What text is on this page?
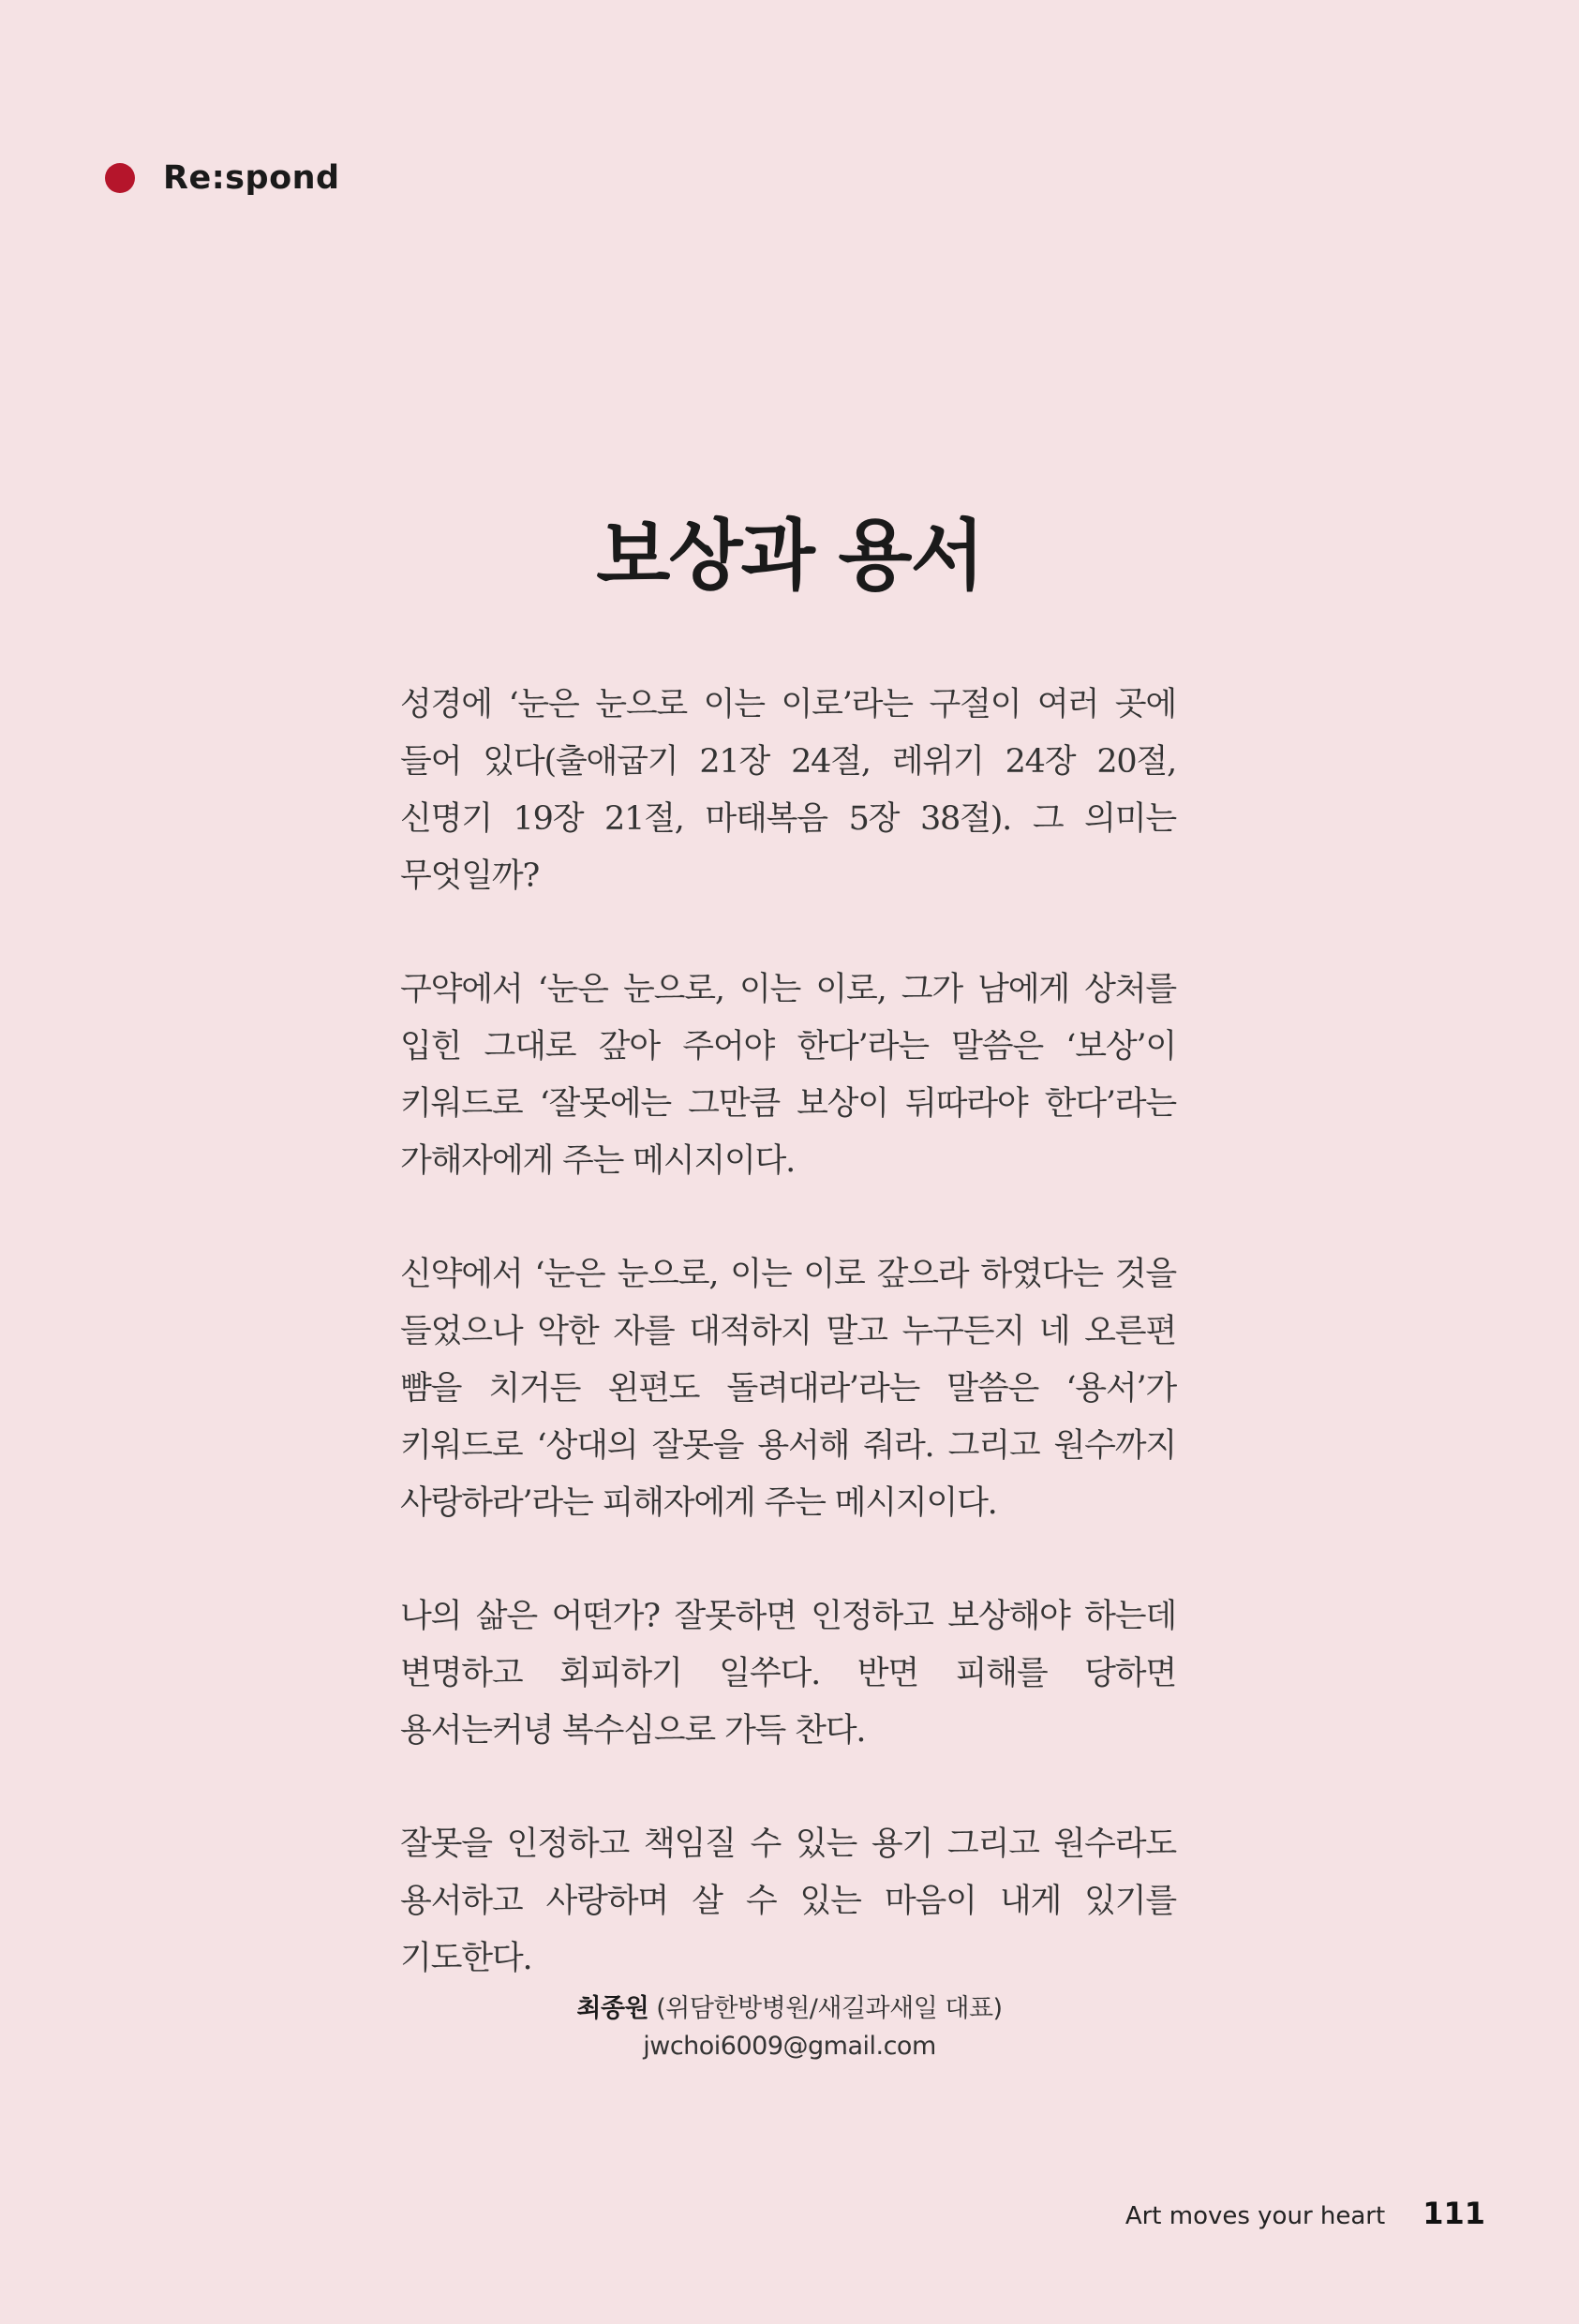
Re:spond
보상과 용서

성경에 ‘눈은 눈으로 이는 이로’라는 구절이 여러 곳에 들어 있다(출애굽기 21장 24절, 레위기 24장 20절, 신명기 19장 21절, 마태복음 5장 38절). 그 의미는 무엇일까?

구약에서 ‘눈은 눈으로, 이는 이로, 그가 남에게 상처를 입힌 그대로 갚아 주어야 한다’라는 말씀은 ‘보상’이 키워드로 ‘잘못에는 그만큼 보상이 뒤따라야 한다’라는 가해자에게 주는 메시지이다.

신약에서 ‘눈은 눈으로, 이는 이로 갚으라 하였다는 것을 들었으나 악한 자를 대적하지 말고 누구든지 네 오른편 뺨을 치거든 왼편도 돌려대라’라는 말씀은 ‘용서’가 키워드로 ‘상대의 잘못을 용서해 줘라. 그리고 원수까지 사랑하라’라는 피해자에게 주는 메시지이다.

나의 삶은 어떤가? 잘못하면 인정하고 보상해야 하는데 변명하고 회피하기 일쑤다. 반면 피해를 당하면 용서는커녕 복수심으로 가득 찬다.

잘못을 인정하고 책임질 수 있는 용기 그리고 원수라도 용서하고 사랑하며 살 수 있는 마음이 내게 있기를 기도한다.

최종원 (위담한방병원/새길과새일 대표)
jwchoi6009@gmail.com
Art moves your heart 111
